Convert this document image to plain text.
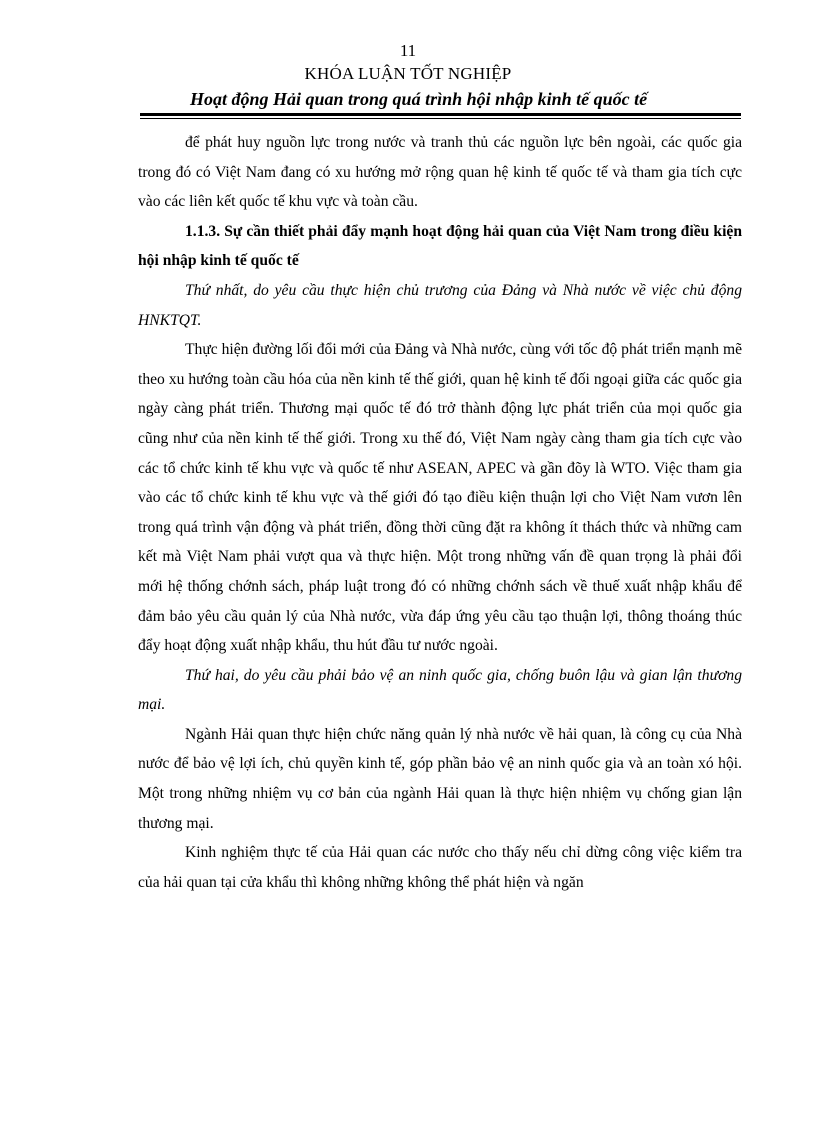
11
KHÓA LUẬN TỐT NGHIỆP
Hoạt động Hải quan trong quá trình hội nhập kinh tế quốc tế

để phát huy nguồn lực trong nước và tranh thủ các nguồn lực bên ngoài, các quốc gia trong đó có Việt Nam đang có xu hướng mở rộng quan hệ kinh tế quốc tế và tham gia tích cực vào các liên kết quốc tế khu vực và toàn cầu.

1.1.3. Sự cần thiết phải đẩy mạnh hoạt động hải quan của Việt Nam trong điều kiện hội nhập kinh tế quốc tế

Thứ nhất, do yêu cầu thực hiện chủ trương của Đảng và Nhà nước về việc chủ động HNKTQT.

Thực hiện đường lối đổi mới của Đảng và Nhà nước, cùng với tốc độ phát triển mạnh mẽ theo xu hướng toàn cầu hóa của nền kinh tế thế giới, quan hệ kinh tế đối ngoại giữa các quốc gia ngày càng phát triển. Thương mại quốc tế đó trở thành động lực phát triển của mọi quốc gia cũng như của nền kinh tế thế giới. Trong xu thế đó, Việt Nam ngày càng tham gia tích cực vào các tổ chức kinh tế khu vực và quốc tế như ASEAN, APEC và gần đõy là WTO. Việc tham gia vào các tổ chức kinh tế khu vực và thế giới đó tạo điều kiện thuận lợi cho Việt Nam vươn lên trong quá trình vận động và phát triển, đồng thời cũng đặt ra không ít thách thức và những cam kết mà Việt Nam phải vượt qua và thực hiện. Một trong những vấn đề quan trọng là phải đổi mới hệ thống chớnh sách, pháp luật trong đó có những chớnh sách về thuế xuất nhập khẩu để đảm bảo yêu cầu quản lý của Nhà nước, vừa đáp ứng yêu cầu tạo thuận lợi, thông thoáng thúc đẩy hoạt động xuất nhập khẩu, thu hút đầu tư nước ngoài.

Thứ hai, do yêu cầu phải bảo vệ an ninh quốc gia, chống buôn lậu và gian lận thương mại.

Ngành Hải quan thực hiện chức năng quản lý nhà nước về hải quan, là công cụ của Nhà nước để bảo vệ lợi ích, chủ quyền kinh tế, góp phần bảo vệ an ninh quốc gia và an toàn xó hội. Một trong những nhiệm vụ cơ bản của ngành Hải quan là thực hiện nhiệm vụ chống gian lận thương mại.

Kinh nghiệm thực tế của Hải quan các nước cho thấy nếu chỉ dừng công việc kiểm tra của hải quan tại cửa khẩu thì không những không thể phát hiện và ngăn
